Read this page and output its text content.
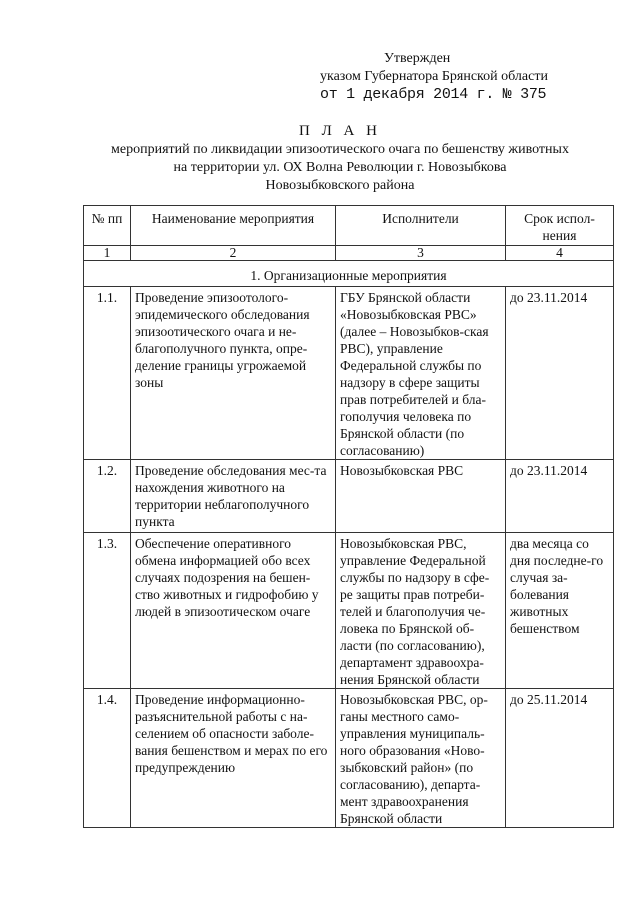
Утвержден
указом Губернатора Брянской области
от 1 декабря 2014 г. № 375
П Л А Н
мероприятий по ликвидации эпизоотического очага по бешенству животных
на территории ул. ОХ Волна Революции г. Новозыбкова
Новозыбковского района
№ пп	Наименование мероприятия	Исполнители	Срок испол-нения
1	2	3	4
1. Организационные мероприятия			
1.1.	Проведение эпизоотолого-эпидемического обследования эпизоотического очага и не-благополучного пункта, опре-деление границы угрожаемой зоны	ГБУ Брянской области «Новозыбковская РВС» (далее – Новозыбков-ская РВС), управление Федеральной службы по надзору в сфере защиты прав потребителей и бла-гополучия человека по Брянской области (по согласованию)	до 23.11.2014
1.2.	Проведение обследования мес-та нахождения животного на территории неблагополучного пункта	Новозыбковская РВС	до 23.11.2014
1.3.	Обеспечение оперативного обмена информацией обо всех случаях подозрения на бешен-ство животных и гидрофобию у людей в эпизоотическом очаге	Новозыбковская РВС, управление Федеральной службы по надзору в сфе-ре защиты прав потреби-телей и благополучия че-ловека по Брянской об-ласти (по согласованию), департамент здравоохра-нения Брянской области	два месяца со дня последне-го случая за-болевания животных бешенством
1.4.	Проведение информационно-разъяснительной работы с на-селением об опасности заболе-вания бешенством и мерах по его предупреждению	Новозыбковская РВС, ор-ганы местного само-управления муниципаль-ного образования «Ново-зыбковский район» (по согласованию), департа-мент здравоохранения Брянской области	до 25.11.2014
